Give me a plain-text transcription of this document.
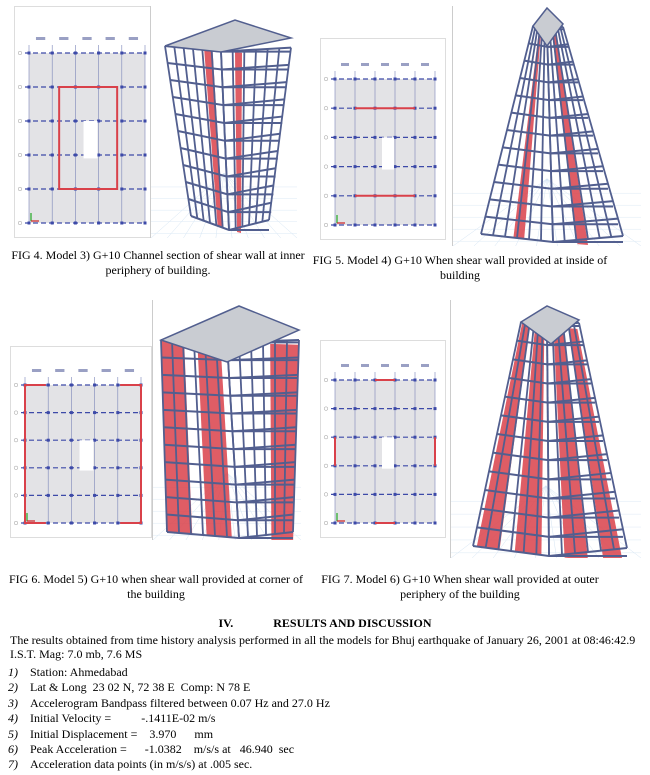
FIG 4. Model 3) G+10 Channel section of shear wall at inner periphery of building.
FIG 5. Model 4) G+10 When shear wall provided at inside of building
FIG 6. Model 5) G+10 when shear wall provided at corner of the building
FIG 7. Model 6) G+10 When shear wall provided at outer periphery of the building
IV.	RESULTS AND DISCUSSION
The results obtained from time history analysis performed in all the models for Bhuj earthquake of January 26, 2001 at 08:46:42.9 I.S.T. Mag: 7.0 mb, 7.6 MS
1)	Station: Ahmedabad
2)	Lat & Long  23 02 N, 72 38 E  Comp: N 78 E
3)	Accelerogram Bandpass filtered between 0.07 Hz and 27.0 Hz
4)	Initial Velocity =          -.1411E-02 m/s
5)	Initial Displacement =    3.970      mm
6)	Peak Acceleration =      -1.0382    m/s/s at   46.940  sec
7)	Acceleration data points (in m/s/s) at .005 sec.
